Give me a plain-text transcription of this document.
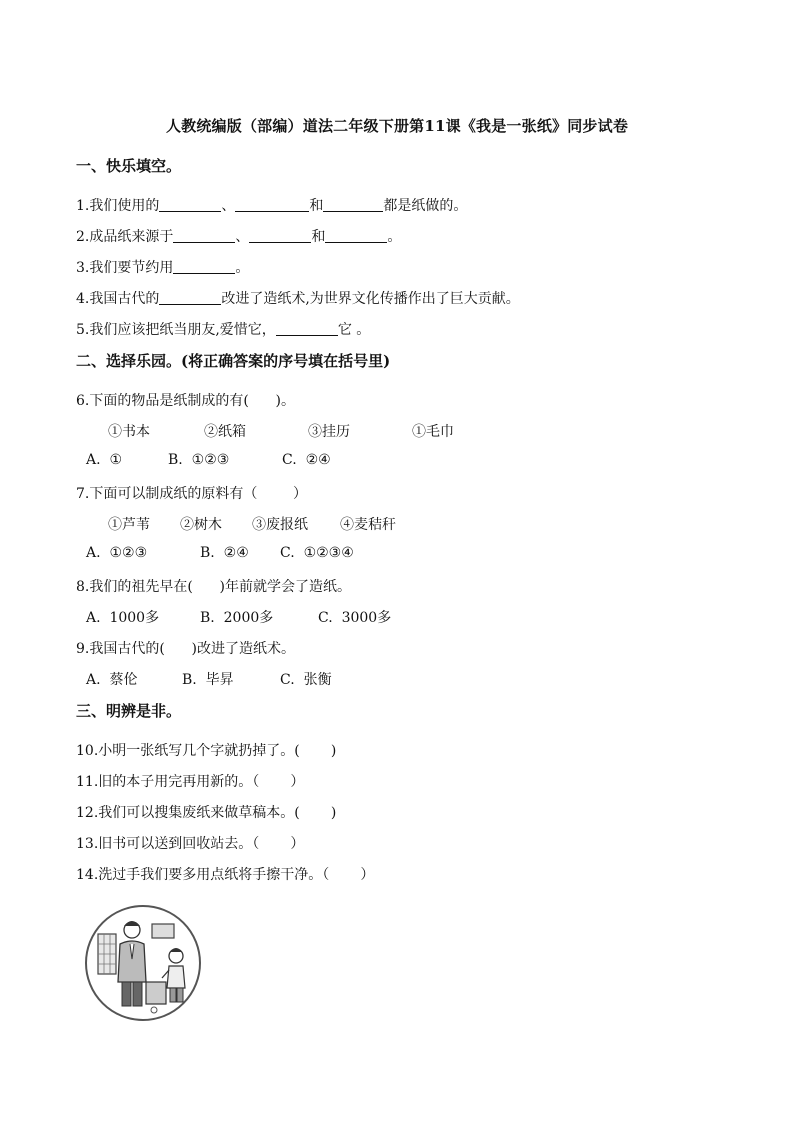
人教统编版（部编）道法二年级下册第11课《我是一张纸》同步试卷
一、快乐填空。
1.我们使用的	、	和	都是纸做的。
2.成品纸来源于	、	和	。
3.我们要节约用	。
4.我国古代的	改进了造纸术,为世界文化传播作出了巨大贡献。
5.我们应该把纸当朋友,爱惜它，	它 。
二、选择乐园。(将正确答案的序号填在括号里)
6.下面的物品是纸制成的有(      )。
①书本	②纸箱	③挂历	①毛巾
A.  ①	B.  ①②③	C.  ②④
7.下面可以制成纸的原料有（        ）
①芦苇 ②树木 ③废报纸 ④麦秸秆
A.  ①②③	B.  ②④ C.  ①②③④
8.我们的祖先早在(      )年前就学会了造纸。
A.  1000多	B.  2000多	C.  3000多
9.我国古代的(      )改进了造纸术。
A.  蔡伦	B.  毕昇	C.  张衡
三、明辨是非。
10.小明一张纸写几个字就扔掉了。(       )
11.旧的本子用完再用新的。（       ）
12.我们可以搜集废纸来做草稿本。(       )
13.旧书可以送到回收站去。（       ）
14.洗过手我们要多用点纸将手擦干净。（       ）
